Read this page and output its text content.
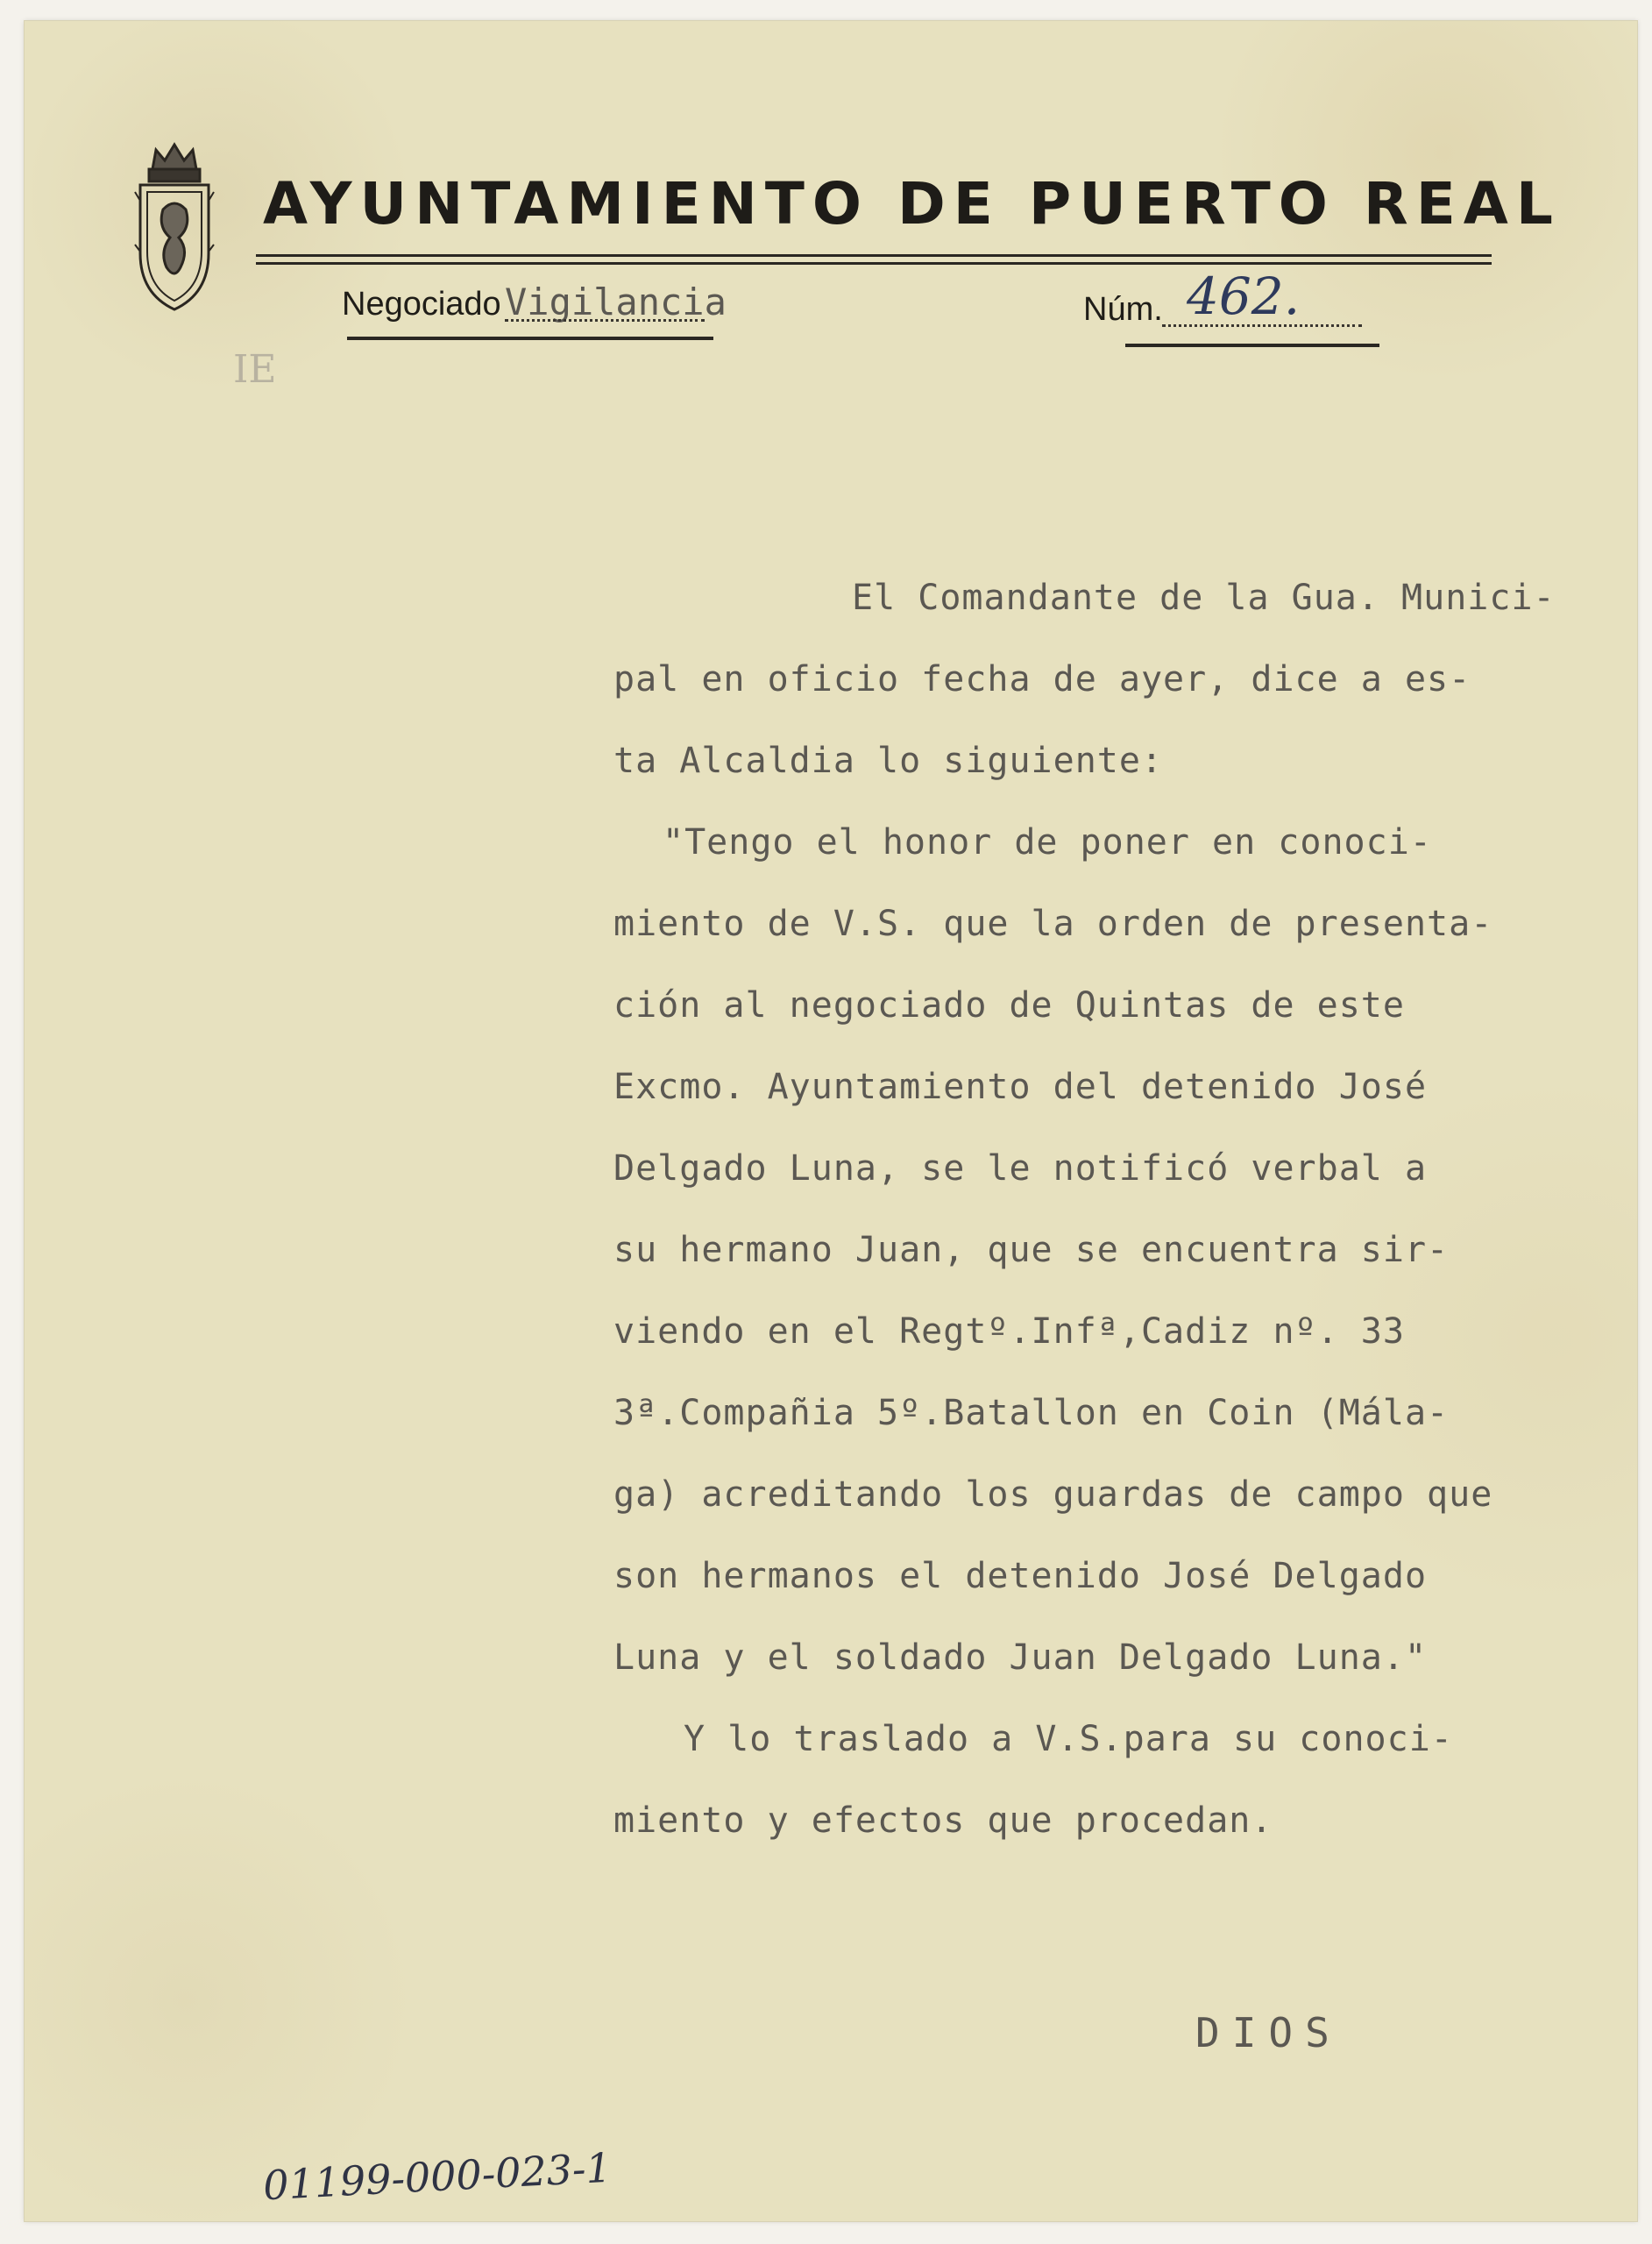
AYUNTAMIENTO DE PUERTO REAL
Negociado Vigilancia	Núm. 462.
IE
El Comandante de la Gua. Munici-
pal en oficio fecha de ayer, dice a es-
ta Alcaldia lo siguiente:
"Tengo el honor de poner en conoci-
miento de V.S. que la orden de presenta-
ción al negociado de Quintas de este
Excmo. Ayuntamiento del detenido José
Delgado Luna, se le notificó verbal a
su hermano Juan, que se encuentra sir-
viendo en el Regtº.Infª,Cadiz nº. 33
3ª.Compañia 5º.Batallon en Coin (Mála-
ga) acreditando los guardas de campo que
son hermanos el detenido José Delgado
Luna y el soldado Juan Delgado Luna."
Y lo traslado a V.S.para su conoci-
miento y efectos que procedan.
DIOS
01199-000-023-1
